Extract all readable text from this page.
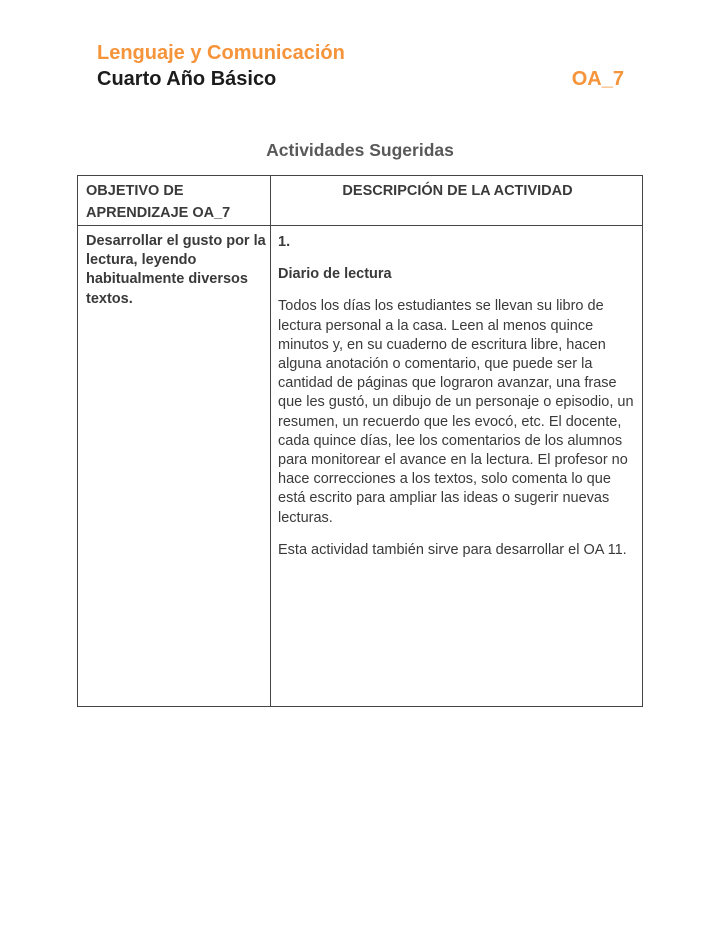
Lenguaje y Comunicación
Cuarto Año Básico	OA_7
Actividades Sugeridas
OBJETIVO DE APRENDIZAJE OA_7
DESCRIPCIÓN DE LA ACTIVIDAD

Desarrollar el gusto por la lectura, leyendo habitualmente diversos textos.

1.

Diario de lectura

Todos los días los estudiantes se llevan su libro de lectura personal a la casa. Leen al menos quince minutos y, en su cuaderno de escritura libre, hacen alguna anotación o comentario, que puede ser la cantidad de páginas que lograron avanzar, una frase que les gustó, un dibujo de un personaje o episodio, un resumen, un recuerdo que les evocó, etc. El docente, cada quince días, lee los comentarios de los alumnos para monitorear el avance en la lectura. El profesor no hace correcciones a los textos, solo comenta lo que está escrito para ampliar las ideas o sugerir nuevas lecturas.

Esta actividad también sirve para desarrollar el OA 11.
